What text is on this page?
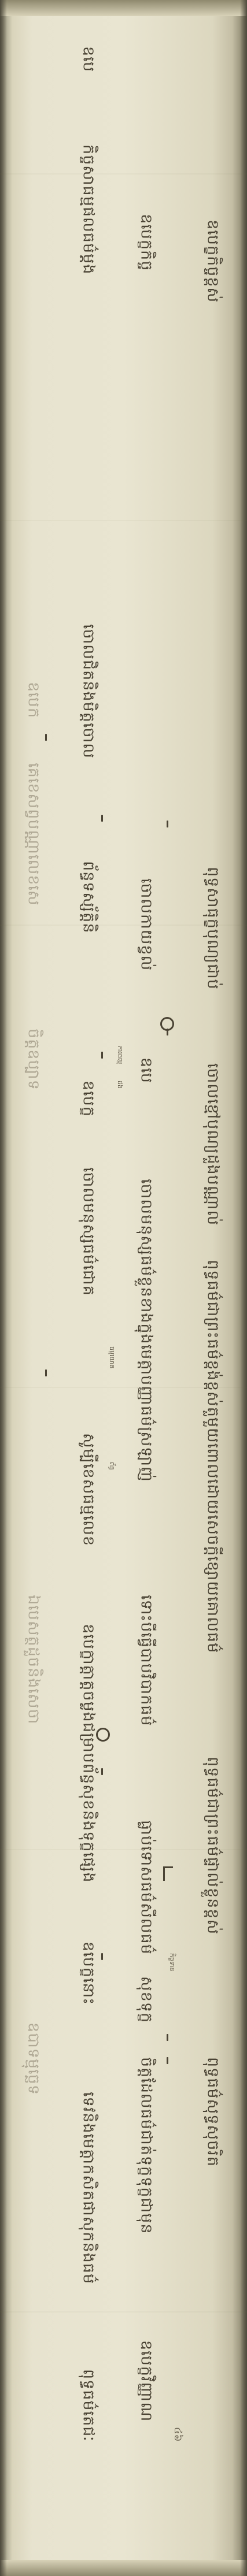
ឧបេក
គេខេសព្វបណ្ណាលេខសេ
ចិត្តឧប្បាទ
ឯបេសត្ថដួចនិងសេចា
ឧបាទម្មុច្ឆេទ
ឧបេ
កិច្ចសាធម្មផលធម៌ម្តង
ចោលជិតនិងមិត្តចោល
ព័ន្ធទស្ស័ត្តិនិ
ឧបេក្ខ
ចោលមនុស្សធម៌ជោគ
សូម្បីខេសធម្មលេខ
ឧបេក្ខាត្តាត្តចម្លងជម្រាបព័ន្ធសុខនិងទុក្ខផ្សេង
ឧបេក្ខនោះ
ទេវនិងមេត្តាកសិតផាសុកនិងធម៌
ពុទ្ធធម៌តេជៈ
ឧបេក្ខកិច្ច
ចោលកាយខ្វល់
ឧបេ
ចោលមនុស្សធម៌ខ្លួនខាងក្នុងមេត្តាបញ្ញាធម៌ស្រឡាញ់
ទោះបីធ្វើបាបវិបាកធម៌
ធ្លាប់ទោសធម៌សីលធម៌
សុខទុក្ខ
ចិត្តដែលធម៌ជាត់ទុក្ខទុក្ខជាមុន
ឧបេក្ខវិញ្ញាណ
ឧបេក្ខកិច្ចខ្ពស់
ពុទ្ធសាធុក្ខបុណ្យជាប់
ចោលខ្មៅបុណ្យដួងបណ្ណាល់
ពុទ្ធធម៌ជាព្រះធម៌ខ្ពង់ខ្ពស់តួមួយពោលដោយសេចក្តីខ្សោយគោលធម៌
ពុទ្ធធម៌ជាព្រះធម៌ផ្ទាល់ខ្លួនខ្ពស់
ពុទ្ធធម៌សុទ្ធសុចរិត
ការធម្មេ
ដង
ធម្មយោគ
ព័ន្ធ
កិច្ចទាន
៤៦
